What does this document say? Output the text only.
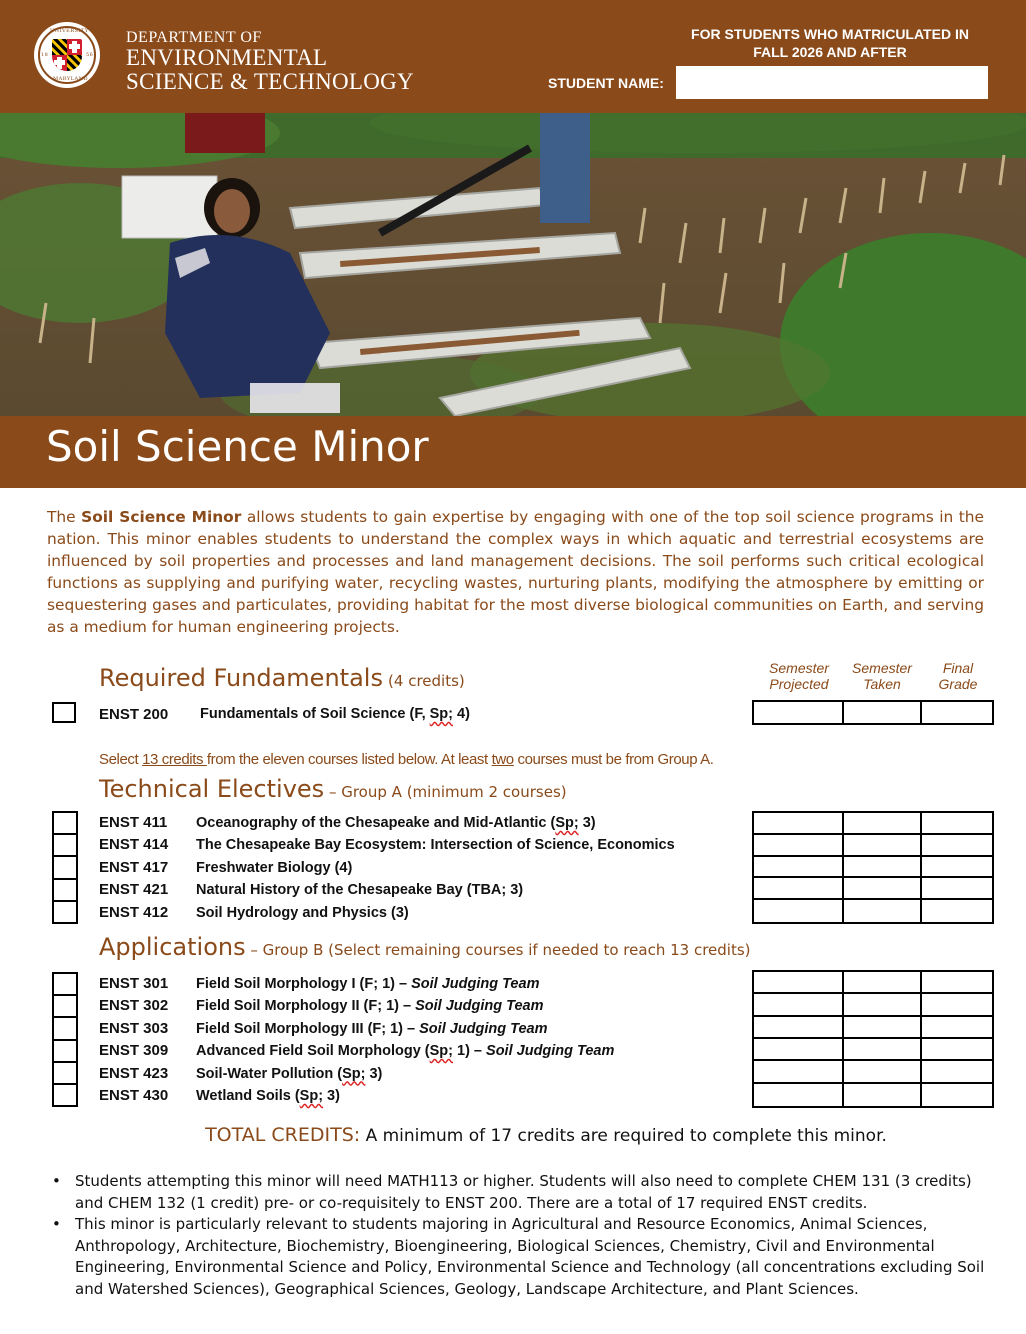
UNIVERSITY OF
MARYLAND
18	56
DEPARTMENT OF
ENVIRONMENTAL
SCIENCE & TECHNOLOGY
FOR STUDENTS WHO MATRICULATED IN
FALL 2026 AND AFTER
STUDENT NAME:
Soil Science Minor
The Soil Science Minor allows students to gain expertise by engaging with one of the top soil science programs in the nation. This minor enables students to understand the complex ways in which aquatic and terrestrial ecosystems are influenced by soil properties and processes and land management decisions. The soil performs such critical ecological functions as supplying and purifying water, recycling wastes, nurturing plants, modifying the atmosphere by emitting or sequestering gases and particulates, providing habitat for the most diverse biological communities on Earth, and serving as a medium for human engineering projects.
Semester
Projected
Semester
Taken
Final
Grade
Required Fundamentals (4 credits)
ENST 200 Fundamentals of Soil Science (F, Sp; 4)
Select 13 credits from the eleven courses listed below. At least two courses must be from Group A.
Technical Electives – Group A (minimum 2 courses)
ENST 411 Oceanography of the Chesapeake and Mid-Atlantic (Sp; 3)
ENST 414 The Chesapeake Bay Ecosystem: Intersection of Science, Economics
ENST 417 Freshwater Biology (4)
ENST 421 Natural History of the Chesapeake Bay (TBA; 3)
ENST 412 Soil Hydrology and Physics (3)
Applications – Group B (Select remaining courses if needed to reach 13 credits)
ENST 301 Field Soil Morphology I (F; 1) – Soil Judging Team
ENST 302 Field Soil Morphology II (F; 1) – Soil Judging Team
ENST 303 Field Soil Morphology III (F; 1) – Soil Judging Team
ENST 309 Advanced Field Soil Morphology (Sp; 1) – Soil Judging Team
ENST 423 Soil-Water Pollution (Sp; 3)
ENST 430 Wetland Soils (Sp; 3)
TOTAL CREDITS: A minimum of 17 credits are required to complete this minor.
• Students attempting this minor will need MATH113 or higher. Students will also need to complete CHEM 131 (3 credits) and CHEM 132 (1 credit) pre- or co-requisitely to ENST 200. There are a total of 17 required ENST credits.
• This minor is particularly relevant to students majoring in Agricultural and Resource Economics, Animal Sciences, Anthropology, Architecture, Biochemistry, Bioengineering, Biological Sciences, Chemistry, Civil and Environmental Engineering, Environmental Science and Policy, Environmental Science and Technology (all concentrations excluding Soil and Watershed Sciences), Geographical Sciences, Geology, Landscape Architecture, and Plant Sciences.
